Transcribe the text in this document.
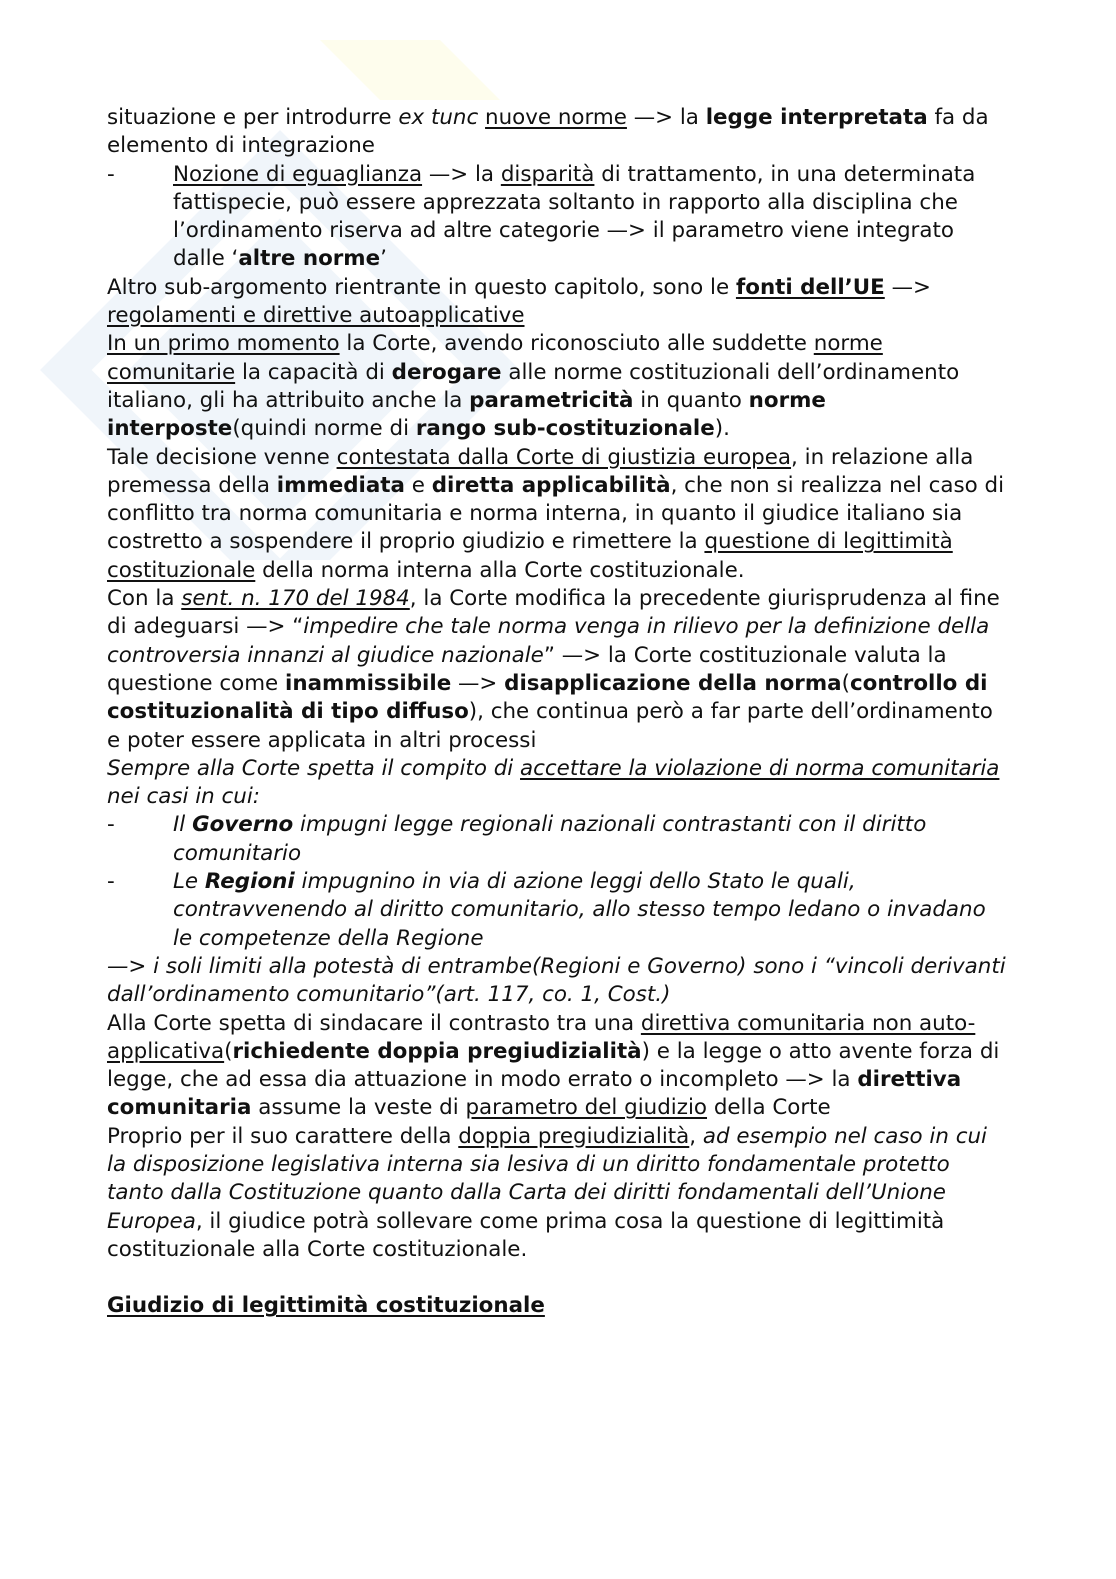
situazione e per introdurre ex tunc nuove norme —> la legge interpretata fa da elemento di integrazione

-	Nozione di eguaglianza —> la disparità di trattamento, in una determinata fattispecie, può essere apprezzata soltanto in rapporto alla disciplina che l’ordinamento riserva ad altre categorie —> il parametro viene integrato dalle ‘altre norme’

Altro sub-argomento rientrante in questo capitolo, sono le fonti dell’UE —> regolamenti e direttive autoapplicative

In un primo momento la Corte, avendo riconosciuto alle suddette norme comunitarie la capacità di derogare alle norme costituzionali dell’ordinamento italiano, gli ha attribuito anche la parametricità in quanto norme interposte(quindi norme di rango sub-costituzionale).

Tale decisione venne contestata dalla Corte di giustizia europea, in relazione alla premessa della immediata e diretta applicabilità, che non si realizza nel caso di conflitto tra norma comunitaria e norma interna, in quanto il giudice italiano sia costretto a sospendere il proprio giudizio e rimettere la questione di legittimità costituzionale della norma interna alla Corte costituzionale.

Con la sent. n. 170 del 1984, la Corte modifica la precedente giurisprudenza al fine di adeguarsi —> “impedire che tale norma venga in rilievo per la definizione della controversia innanzi al giudice nazionale” —> la Corte costituzionale valuta la questione come inammissibile —> disapplicazione della norma(controllo di costituzionalità di tipo diffuso), che continua però a far parte dell’ordinamento e poter essere applicata in altri processi

Sempre alla Corte spetta il compito di accettare la violazione di norma comunitaria nei casi in cui:

-	Il Governo impugni legge regionali nazionali contrastanti con il diritto comunitario

-	Le Regioni impugnino in via di azione leggi dello Stato le quali, contravvenendo al diritto comunitario, allo stesso tempo ledano o invadano le competenze della Regione

—> i soli limiti alla potestà di entrambe(Regioni e Governo) sono i “vincoli derivanti dall’ordinamento comunitario”(art. 117, co. 1, Cost.)

Alla Corte spetta di sindacare il contrasto tra una direttiva comunitaria non auto-applicativa(richiedente doppia pregiudizialità) e la legge o atto avente forza di legge, che ad essa dia attuazione in modo errato o incompleto —> la direttiva comunitaria assume la veste di parametro del giudizio della Corte

Proprio per il suo carattere della doppia pregiudizialità, ad esempio nel caso in cui la disposizione legislativa interna sia lesiva di un diritto fondamentale protetto tanto dalla Costituzione quanto dalla Carta dei diritti fondamentali dell’Unione Europea, il giudice potrà sollevare come prima cosa la questione di legittimità costituzionale alla Corte costituzionale.

Giudizio di legittimità costituzionale
